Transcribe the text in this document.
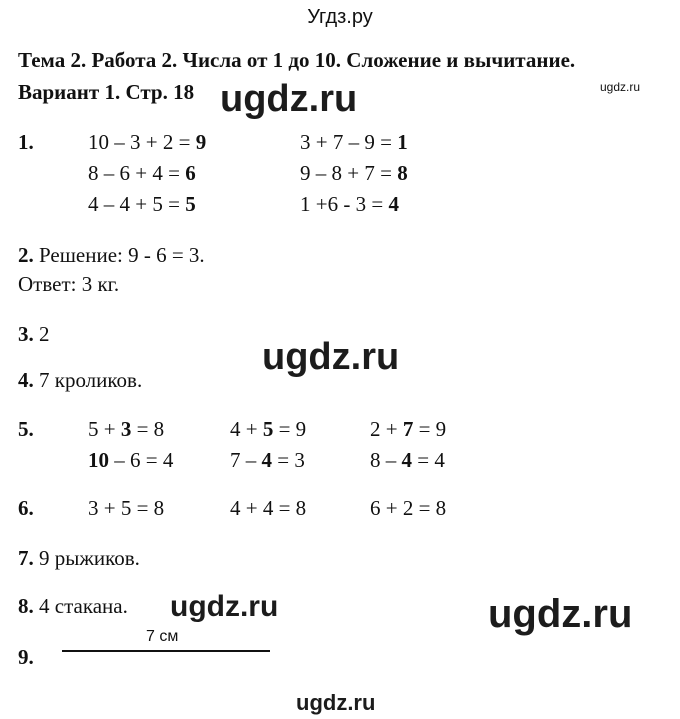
Угдз.ру
Тема 2. Работа 2. Числа от 1 до 10. Сложение и вычитание.
ugdz.ru
Вариант 1. Стр. 18 ugdz.ru
1.	10 – 3 + 2 = 9	3 + 7 – 9 = 1
8 – 6 + 4 = 6	9 – 8 + 7 = 8
4 – 4 + 5 = 5	1 +6 - 3 = 4
2. Решение: 9 - 6 = 3.
Ответ: 3 кг.
3. 2
ugdz.ru
4. 7 кроликов.
5.	5 + 3 = 8	4 + 5 = 9	2 + 7 = 9
10 – 6 = 4	7 – 4 = 3	8 – 4 = 4
6.	3 + 5 = 8	4 + 4 = 8	6 + 2 = 8
7. 9 рыжиков.
8. 4 стакана. ugdz.ru	ugdz.ru
9.
7 см
ugdz.ru
